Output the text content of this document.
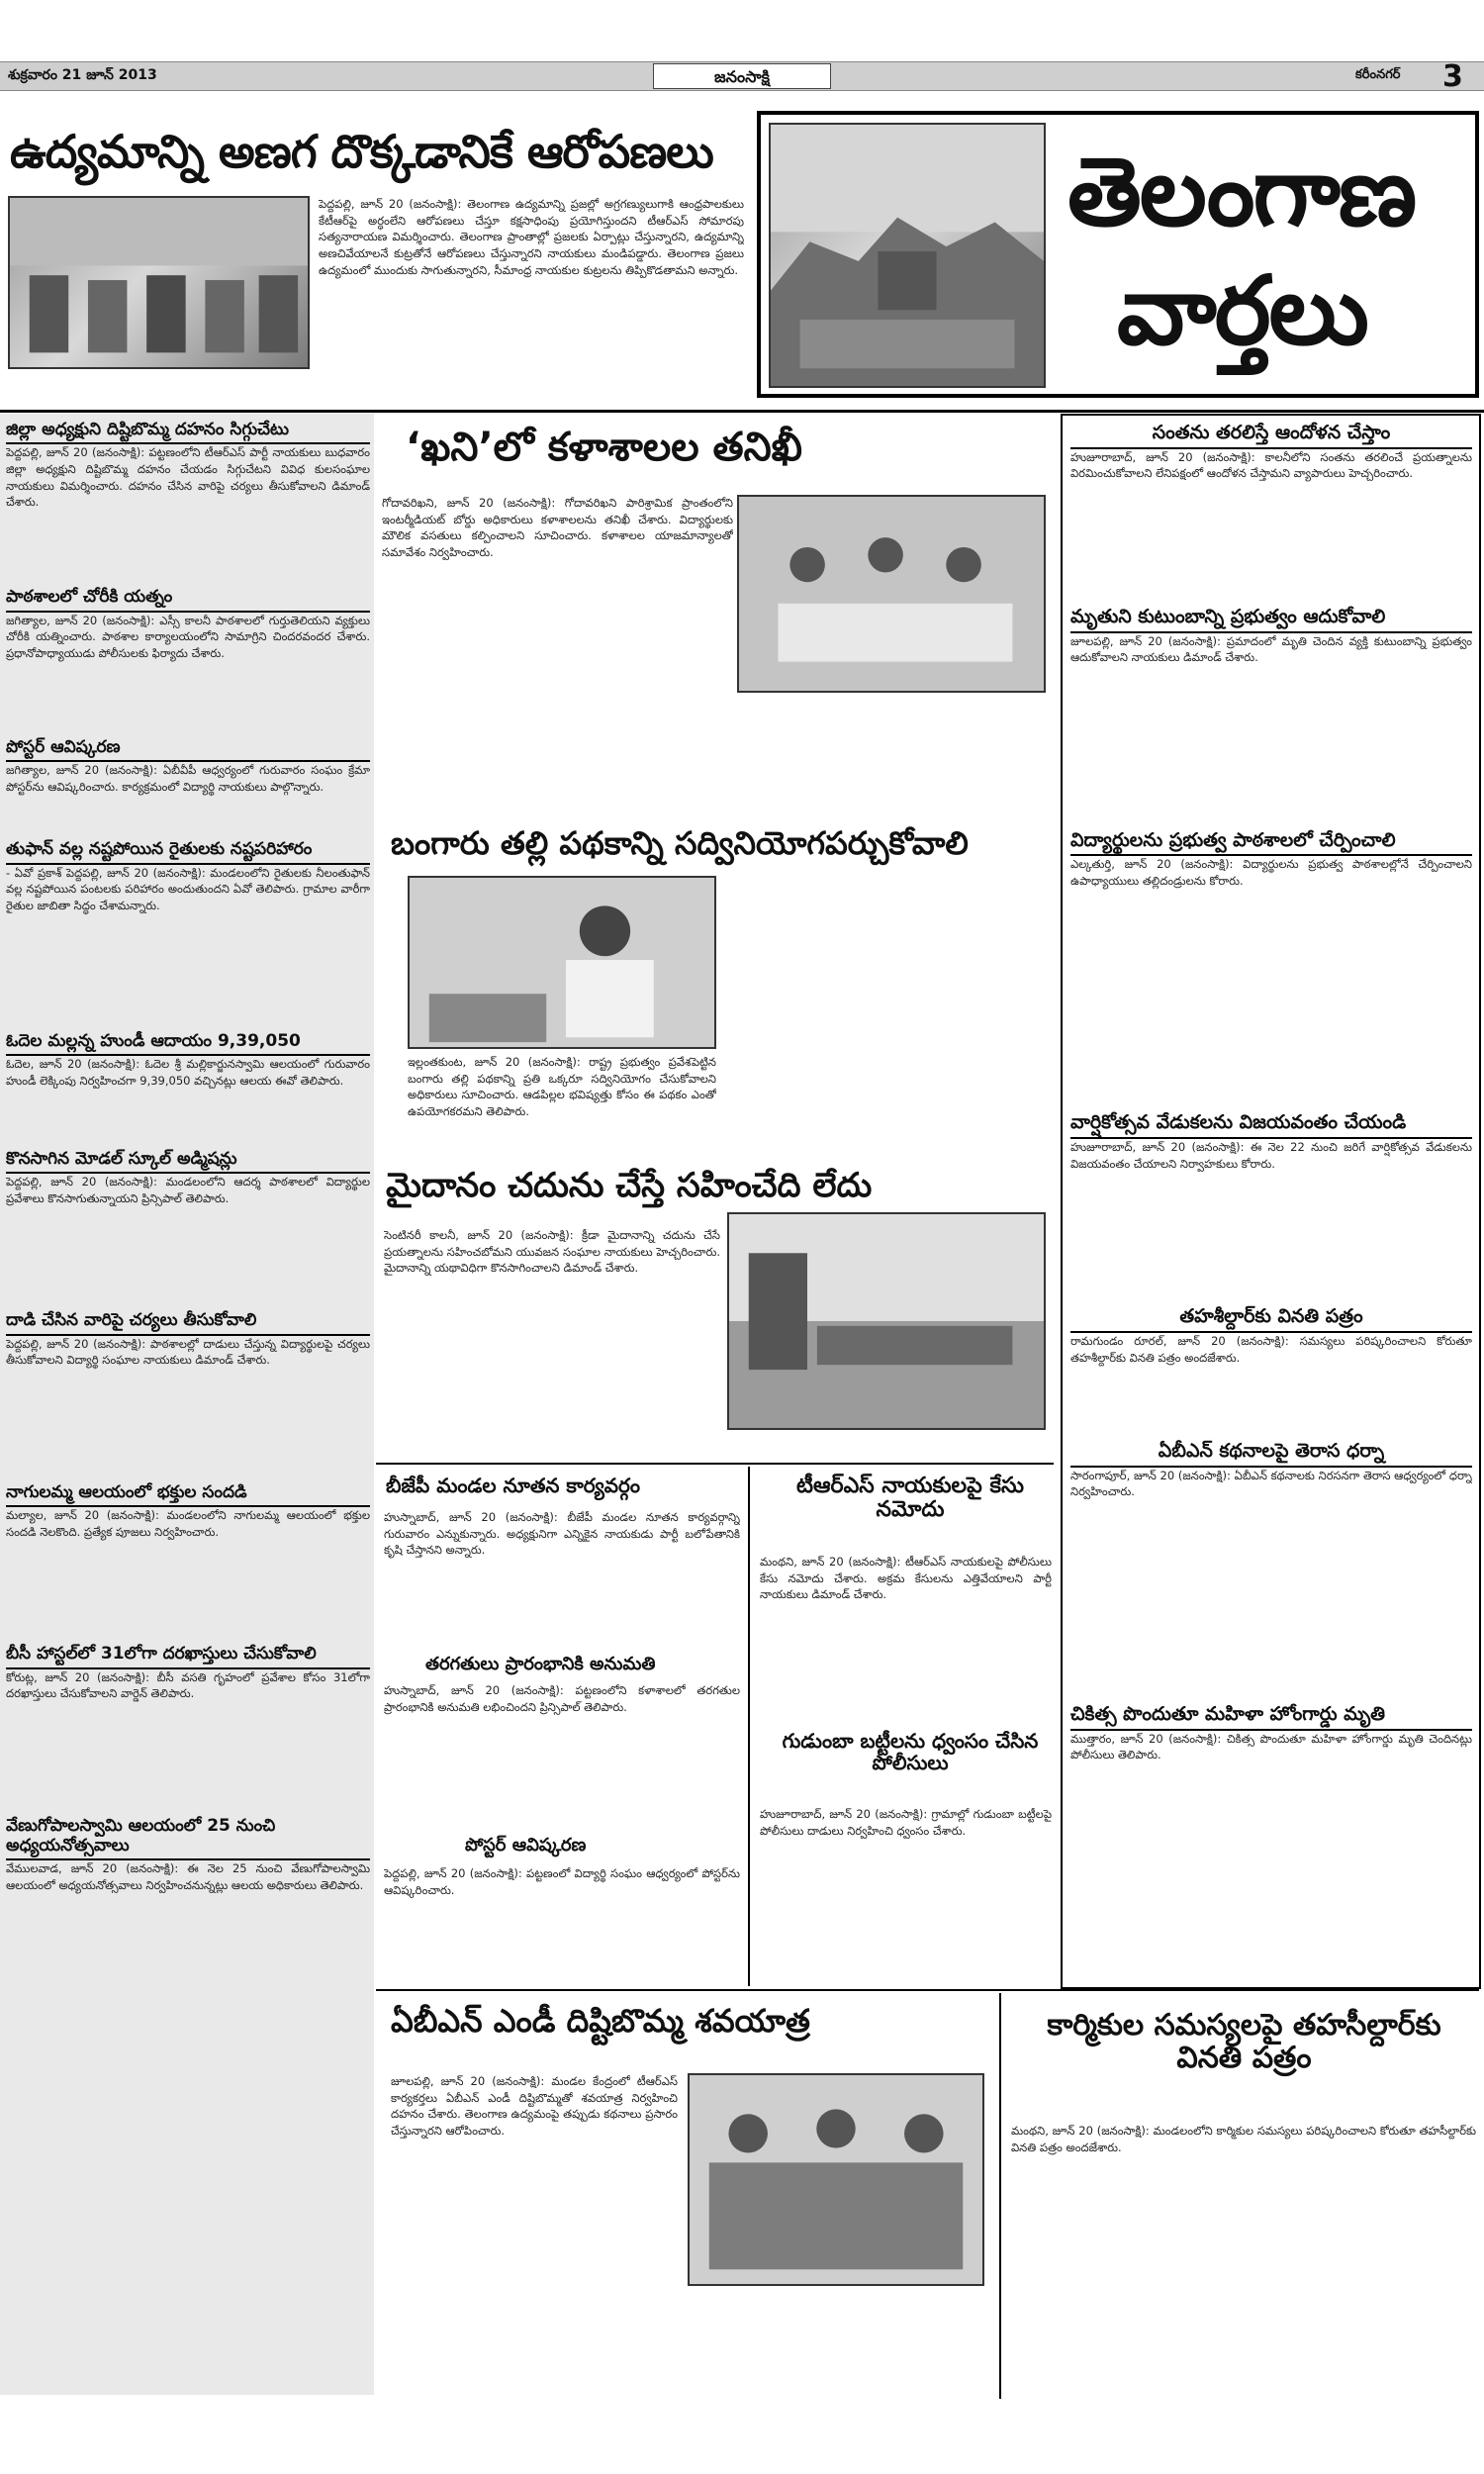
శుక్రవారం 21 జూన్ 2013	జనంసాక్షి	కరీంనగర్ 3
ఉద్యమాన్ని అణగ దొక్కడానికే ఆరోపణలు
పెద్దపల్లి, జూన్ 20 (జనంసాక్షి): తెలంగాణ ఉద్యమాన్ని ప్రజల్లో అగ్రగణ్యులుగాకి ఆంధ్రపాలకులు కేటీఆర్‌పై అర్ధంలేని ఆరోపణలు చేస్తూ కక్షసాధింపు ప్రయోగిస్తుందని టీఆర్ఎస్ సోమారపు సత్యనారాయణ విమర్శించారు. తెలంగాణ ప్రాంతాల్లో ప్రజలకు ఏర్పాట్లు చేస్తున్నారని, ఉద్యమాన్ని అణచివేయాలనే కుట్రతోనే ఆరోపణలు చేస్తున్నారని నాయకులు మండిపడ్డారు. తెలంగాణ ప్రజలు ఉద్యమంలో ముందుకు సాగుతున్నారని, సీమాంధ్ర నాయకుల కుట్రలను తిప్పికొడతామని అన్నారు.
తెలంగాణ
వార్తలు
జిల్లా అధ్యక్షుని దిష్టిబొమ్మ దహనం సిగ్గుచేటు
పెద్దపల్లి, జూన్ 20 (జనంసాక్షి): పట్టణంలోని టీఆర్ఎస్ పార్టీ నాయకులు బుధవారం జిల్లా అధ్యక్షుని దిష్టిబొమ్మ దహనం చేయడం సిగ్గుచేటని వివిధ కులసంఘాల నాయకులు విమర్శించారు. దహనం చేసిన వారిపై చర్యలు తీసుకోవాలని డిమాండ్ చేశారు.
పాఠశాలలో చోరీకి యత్నం
జగిత్యాల, జూన్ 20 (జనంసాక్షి): ఎస్సీ కాలనీ పాఠశాలలో గుర్తుతెలియని వ్యక్తులు చోరీకి యత్నించారు. పాఠశాల కార్యాలయంలోని సామాగ్రిని చిందరవందర చేశారు. ప్రధానోపాధ్యాయుడు పోలీసులకు ఫిర్యాదు చేశారు.
పోస్టర్ ఆవిష్కరణ
జగిత్యాల, జూన్ 20 (జనంసాక్షి): ఏబీవీపీ ఆధ్వర్యంలో గురువారం సంఘం క్రేమా పోస్టర్‌ను ఆవిష్కరించారు. కార్యక్రమంలో విద్యార్థి నాయకులు పాల్గొన్నారు.
తుఫాన్ వల్ల నష్టపోయిన రైతులకు నష్టపరిహారం
- ఏవో ప్రకాశ్ పెద్దపల్లి, జూన్ 20 (జనంసాక్షి): మండలంలోని రైతులకు నీలంతుఫాన్ వల్ల నష్టపోయిన పంటలకు పరిహారం అందుతుందని ఏవో తెలిపారు. గ్రామాల వారీగా రైతుల జాబితా సిద్ధం చేశామన్నారు.
ఓదెల మల్లన్న హుండీ ఆదాయం 9,39,050
ఓదెల, జూన్ 20 (జనంసాక్షి): ఓదెల శ్రీ మల్లికార్జునస్వామి ఆలయంలో గురువారం హుండీ లెక్కింపు నిర్వహించగా 9,39,050 వచ్చినట్లు ఆలయ ఈవో తెలిపారు.
కొనసాగిన మోడల్ స్కూల్ అడ్మిషన్లు
పెద్దపల్లి, జూన్ 20 (జనంసాక్షి): మండలంలోని ఆదర్శ పాఠశాలలో విద్యార్థుల ప్రవేశాలు కొనసాగుతున్నాయని ప్రిన్సిపాల్ తెలిపారు.
దాడి చేసిన వారిపై చర్యలు తీసుకోవాలి
పెద్దపల్లి, జూన్ 20 (జనంసాక్షి): పాఠశాలల్లో దాడులు చేస్తున్న విద్యార్థులపై చర్యలు తీసుకోవాలని విద్యార్థి సంఘాల నాయకులు డిమాండ్ చేశారు.
నాగులమ్మ ఆలయంలో భక్తుల సందడి
మల్యాల, జూన్ 20 (జనంసాక్షి): మండలంలోని నాగులమ్మ ఆలయంలో భక్తుల సందడి నెలకొంది. ప్రత్యేక పూజలు నిర్వహించారు.
బీసీ హాస్టల్‌లో 31లోగా దరఖాస్తులు చేసుకోవాలి
కోరుట్ల, జూన్ 20 (జనంసాక్షి): బీసీ వసతి గృహంలో ప్రవేశాల కోసం 31లోగా దరఖాస్తులు చేసుకోవాలని వార్డెన్ తెలిపారు.
వేణుగోపాలస్వామి ఆలయంలో 25 నుంచి అధ్యయనోత్సవాలు
వేములవాడ, జూన్ 20 (జనంసాక్షి): ఈ నెల 25 నుంచి వేణుగోపాలస్వామి ఆలయంలో అధ్యయనోత్సవాలు నిర్వహించనున్నట్లు ఆలయ అధికారులు తెలిపారు.
‘ఖని’లో కళాశాలల తనిఖీ
గోదావరిఖని, జూన్ 20 (జనంసాక్షి): గోదావరిఖని పారిశ్రామిక ప్రాంతంలోని ఇంటర్మీడియట్ బోర్డు అధికారులు కళాశాలలను తనిఖీ చేశారు. విద్యార్థులకు మౌలిక వసతులు కల్పించాలని సూచించారు. కళాశాలల యాజమాన్యాలతో సమావేశం నిర్వహించారు.
బంగారు తల్లి పథకాన్ని సద్వినియోగపర్చుకోవాలి
ఇల్లంతకుంట, జూన్ 20 (జనంసాక్షి): రాష్ట్ర ప్రభుత్వం ప్రవేశపెట్టిన బంగారు తల్లి పథకాన్ని ప్రతి ఒక్కరూ సద్వినియోగం చేసుకోవాలని అధికారులు సూచించారు. ఆడపిల్లల భవిష్యత్తు కోసం ఈ పథకం ఎంతో ఉపయోగకరమని తెలిపారు.
మైదానం చదును చేస్తే సహించేది లేదు
సెంటినరీ కాలనీ, జూన్ 20 (జనంసాక్షి): క్రీడా మైదానాన్ని చదును చేసే ప్రయత్నాలను సహించబోమని యువజన సంఘాల నాయకులు హెచ్చరించారు. మైదానాన్ని యథావిధిగా కొనసాగించాలని డిమాండ్ చేశారు.
బీజేపీ మండల నూతన కార్యవర్గం
హుస్నాబాద్, జూన్ 20 (జనంసాక్షి): బీజేపీ మండల నూతన కార్యవర్గాన్ని గురువారం ఎన్నుకున్నారు. అధ్యక్షునిగా ఎన్నికైన నాయకుడు పార్టీ బలోపేతానికి కృషి చేస్తానని అన్నారు.
తరగతులు ప్రారంభానికి అనుమతి
హుస్నాబాద్, జూన్ 20 (జనంసాక్షి): పట్టణంలోని కళాశాలలో తరగతుల ప్రారంభానికి అనుమతి లభించిందని ప్రిన్సిపాల్ తెలిపారు.
పోస్టర్ ఆవిష్కరణ
పెద్దపల్లి, జూన్ 20 (జనంసాక్షి): పట్టణంలో విద్యార్థి సంఘం ఆధ్వర్యంలో పోస్టర్‌ను ఆవిష్కరించారు.
టీఆర్ఎస్ నాయకులపై కేసు నమోదు
మంథని, జూన్ 20 (జనంసాక్షి): టీఆర్ఎస్ నాయకులపై పోలీసులు కేసు నమోదు చేశారు. అక్రమ కేసులను ఎత్తివేయాలని పార్టీ నాయకులు డిమాండ్ చేశారు.
గుడుంబా బట్టీలను ధ్వంసం చేసిన పోలీసులు
హుజూరాబాద్, జూన్ 20 (జనంసాక్షి): గ్రామాల్లో గుడుంబా బట్టీలపై పోలీసులు దాడులు నిర్వహించి ధ్వంసం చేశారు.
ఏబీఎన్ ఎండీ దిష్టిబొమ్మ శవయాత్ర
జూలపల్లి, జూన్ 20 (జనంసాక్షి): మండల కేంద్రంలో టీఆర్ఎస్ కార్యకర్తలు ఏబీఎన్ ఎండీ దిష్టిబొమ్మతో శవయాత్ర నిర్వహించి దహనం చేశారు. తెలంగాణ ఉద్యమంపై తప్పుడు కథనాలు ప్రసారం చేస్తున్నారని ఆరోపించారు.
కార్మికుల సమస్యలపై తహసీల్దార్‌కు వినతి పత్రం
మంథని, జూన్ 20 (జనంసాక్షి): మండలంలోని కార్మికుల సమస్యలు పరిష్కరించాలని కోరుతూ తహసీల్దార్‌కు వినతి పత్రం అందజేశారు.
సంతను తరలిస్తే ఆందోళన చేస్తాం
హుజూరాబాద్, జూన్ 20 (జనంసాక్షి): కాలనీలోని సంతను తరలించే ప్రయత్నాలను విరమించుకోవాలని లేనిపక్షంలో ఆందోళన చేస్తామని వ్యాపారులు హెచ్చరించారు.
మృతుని కుటుంబాన్ని ప్రభుత్వం ఆదుకోవాలి
జూలపల్లి, జూన్ 20 (జనంసాక్షి): ప్రమాదంలో మృతి చెందిన వ్యక్తి కుటుంబాన్ని ప్రభుత్వం ఆదుకోవాలని నాయకులు డిమాండ్ చేశారు.
విద్యార్థులను ప్రభుత్వ పాఠశాలలో చేర్పించాలి
ఎల్కతుర్తి, జూన్ 20 (జనంసాక్షి): విద్యార్థులను ప్రభుత్వ పాఠశాలల్లోనే చేర్పించాలని ఉపాధ్యాయులు తల్లిదండ్రులను కోరారు.
వార్షికోత్సవ వేడుకలను విజయవంతం చేయండి
హుజూరాబాద్, జూన్ 20 (జనంసాక్షి): ఈ నెల 22 నుంచి జరిగే వార్షికోత్సవ వేడుకలను విజయవంతం చేయాలని నిర్వాహకులు కోరారు.
తహశీల్దార్‌కు వినతి పత్రం
రామగుండం రూరల్, జూన్ 20 (జనంసాక్షి): సమస్యలు పరిష్కరించాలని కోరుతూ తహశీల్దార్‌కు వినతి పత్రం అందజేశారు.
ఏబీఎన్ కథనాలపై తెరాస ధర్నా
సారంగాపూర్, జూన్ 20 (జనంసాక్షి): ఏబీఎన్ కథనాలకు నిరసనగా తెరాస ఆధ్వర్యంలో ధర్నా నిర్వహించారు.
చికిత్స పొందుతూ మహిళా హోంగార్డు మృతి
ముత్తారం, జూన్ 20 (జనంసాక్షి): చికిత్స పొందుతూ మహిళా హోంగార్డు మృతి చెందినట్లు పోలీసులు తెలిపారు.
